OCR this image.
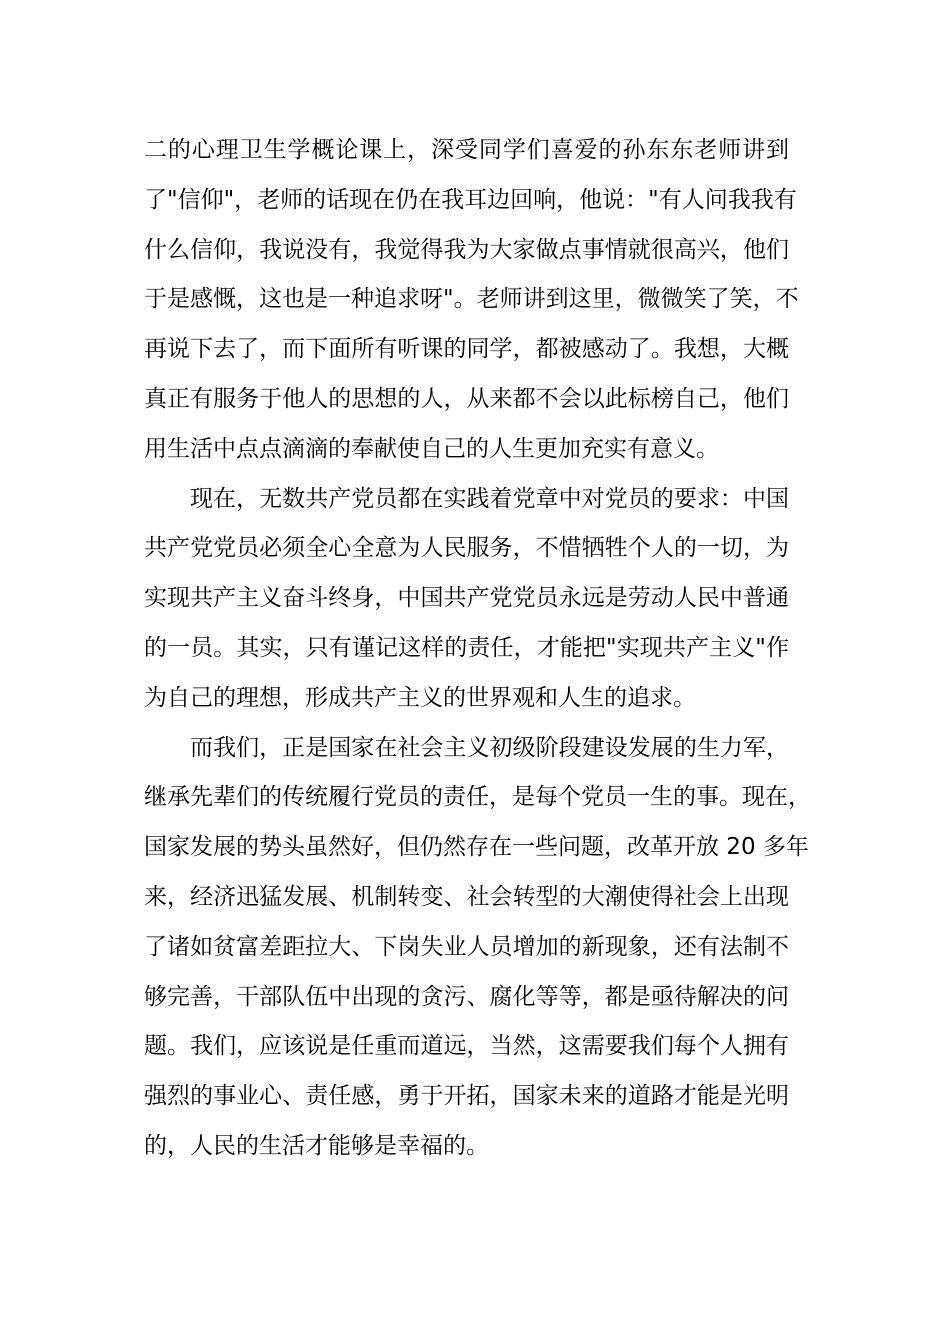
二的心理卫生学概论课上，深受同学们喜爱的孙东东老师讲到

了"信仰"，老师的话现在仍在我耳边回响，他说："有人问我我有

什么信仰，我说没有，我觉得我为大家做点事情就很高兴，他们

于是感慨，这也是一种追求呀"。老师讲到这里，微微笑了笑，不

再说下去了，而下面所有听课的同学，都被感动了。我想，大概

真正有服务于他人的思想的人，从来都不会以此标榜自己，他们

用生活中点点滴滴的奉献使自己的人生更加充实有意义。

现在，无数共产党员都在实践着党章中对党员的要求：中国

共产党党员必须全心全意为人民服务，不惜牺牲个人的一切，为

实现共产主义奋斗终身，中国共产党党员永远是劳动人民中普通

的一员。其实，只有谨记这样的责任，才能把"实现共产主义"作

为自己的理想，形成共产主义的世界观和人生的追求。

而我们，正是国家在社会主义初级阶段建设发展的生力军，

继承先辈们的传统履行党员的责任，是每个党员一生的事。现在，

国家发展的势头虽然好，但仍然存在一些问题，改革开放 20 多年

来，经济迅猛发展、机制转变、社会转型的大潮使得社会上出现

了诸如贫富差距拉大、下岗失业人员增加的新现象，还有法制不

够完善，干部队伍中出现的贪污、腐化等等，都是亟待解决的问

题。我们，应该说是任重而道远，当然，这需要我们每个人拥有

强烈的事业心、责任感，勇于开拓，国家未来的道路才能是光明

的，人民的生活才能够是幸福的。
